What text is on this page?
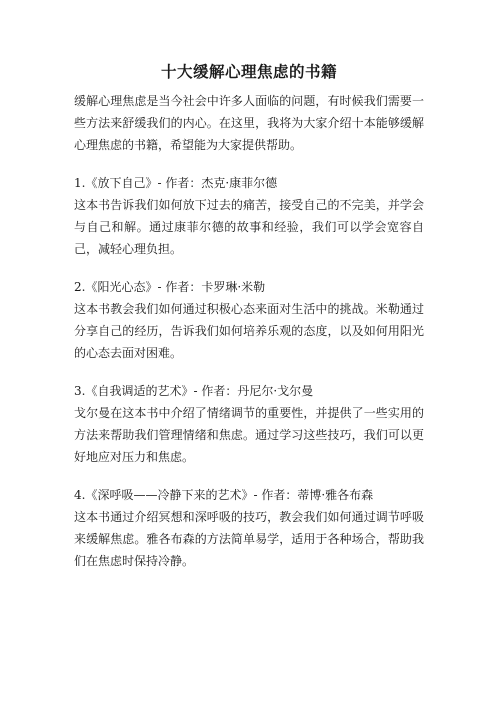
十大缓解心理焦虑的书籍

缓解心理焦虑是当今社会中许多人面临的问题，有时候我们需要一些方法来舒缓我们的内心。在这里，我将为大家介绍十本能够缓解心理焦虑的书籍，希望能为大家提供帮助。

1.《放下自己》- 作者：杰克·康菲尔德

这本书告诉我们如何放下过去的痛苦，接受自己的不完美，并学会与自己和解。通过康菲尔德的故事和经验，我们可以学会宽容自己，减轻心理负担。

2.《阳光心态》- 作者：卡罗琳·米勒

这本书教会我们如何通过积极心态来面对生活中的挑战。米勒通过分享自己的经历，告诉我们如何培养乐观的态度，以及如何用阳光的心态去面对困难。

3.《自我调适的艺术》- 作者：丹尼尔·戈尔曼

戈尔曼在这本书中介绍了情绪调节的重要性，并提供了一些实用的方法来帮助我们管理情绪和焦虑。通过学习这些技巧，我们可以更好地应对压力和焦虑。

4.《深呼吸——冷静下来的艺术》- 作者：蒂博·雅各布森

这本书通过介绍冥想和深呼吸的技巧，教会我们如何通过调节呼吸来缓解焦虑。雅各布森的方法简单易学，适用于各种场合，帮助我们在焦虑时保持冷静。
